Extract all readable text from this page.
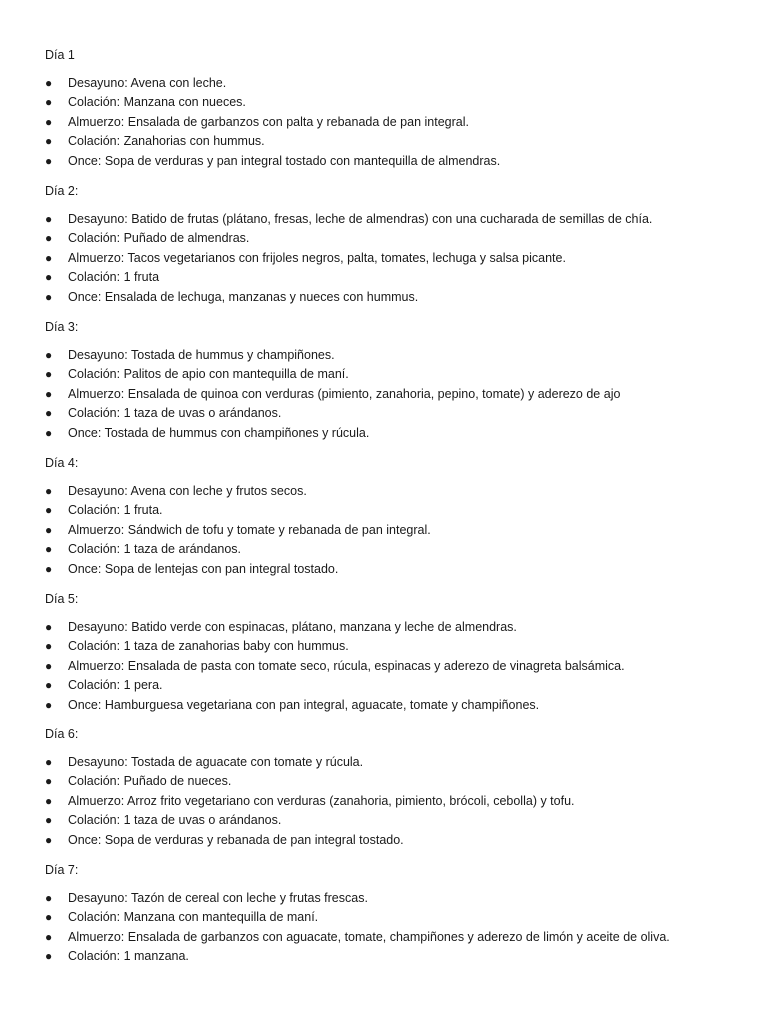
Día 1

● Desayuno: Avena con leche.
● Colación: Manzana con nueces.
● Almuerzo: Ensalada de garbanzos con palta y rebanada de pan integral.
● Colación: Zanahorias con hummus.
● Once: Sopa de verduras y pan integral tostado con mantequilla de almendras.

Día 2:

● Desayuno: Batido de frutas (plátano, fresas, leche de almendras) con una cucharada de semillas de chía.
● Colación: Puñado de almendras.
● Almuerzo: Tacos vegetarianos con frijoles negros, palta, tomates, lechuga y salsa picante.
● Colación: 1 fruta
● Once: Ensalada de lechuga, manzanas y nueces con hummus.

Día 3:

● Desayuno: Tostada de hummus y champiñones.
● Colación: Palitos de apio con mantequilla de maní.
● Almuerzo: Ensalada de quinoa con verduras (pimiento, zanahoria, pepino, tomate) y aderezo de ajo
● Colación: 1 taza de uvas o arándanos.
● Once: Tostada de hummus con champiñones y rúcula.

Día 4:

● Desayuno: Avena con leche y frutos secos.
● Colación: 1 fruta.
● Almuerzo: Sándwich de tofu y tomate y rebanada de pan integral.
● Colación: 1 taza de arándanos.
● Once: Sopa de lentejas con pan integral tostado.

Día 5:

● Desayuno: Batido verde con espinacas, plátano, manzana y leche de almendras.
● Colación: 1 taza de zanahorias baby con hummus.
● Almuerzo: Ensalada de pasta con tomate seco, rúcula, espinacas y aderezo de vinagreta balsámica.
● Colación: 1 pera.
● Once: Hamburguesa vegetariana con pan integral, aguacate, tomate y champiñones.

Día 6:

● Desayuno: Tostada de aguacate con tomate y rúcula.
● Colación: Puñado de nueces.
● Almuerzo: Arroz frito vegetariano con verduras (zanahoria, pimiento, brócoli, cebolla) y tofu.
● Colación: 1 taza de uvas o arándanos.
● Once: Sopa de verduras y rebanada de pan integral tostado.

Día 7:

● Desayuno: Tazón de cereal con leche y frutas frescas.
● Colación: Manzana con mantequilla de maní.
● Almuerzo: Ensalada de garbanzos con aguacate, tomate, champiñones y aderezo de limón y aceite de oliva.
● Colación: 1 manzana.
